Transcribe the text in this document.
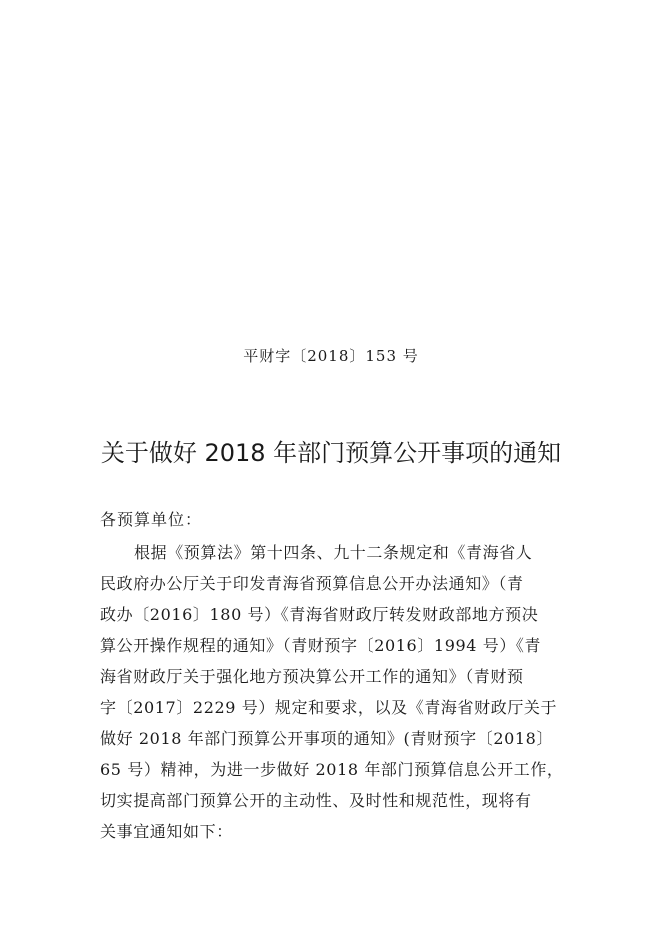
平财字〔2018〕153 号
关于做好 2018 年部门预算公开事项的通知
各预算单位：
根据《预算法》第十四条、九十二条规定和《青海省人
民政府办公厅关于印发青海省预算信息公开办法通知》（青
政办〔2016〕180 号）《青海省财政厅转发财政部地方预决
算公开操作规程的通知》（青财预字〔2016〕1994 号）《青
海省财政厅关于强化地方预决算公开工作的通知》（青财预
字〔2017〕2229 号）规定和要求，以及《青海省财政厅关于
做好 2018 年部门预算公开事项的通知》(青财预字〔2018〕
65 号）精神，为进一步做好 2018 年部门预算信息公开工作，
切实提高部门预算公开的主动性、及时性和规范性，现将有
关事宜通知如下：
